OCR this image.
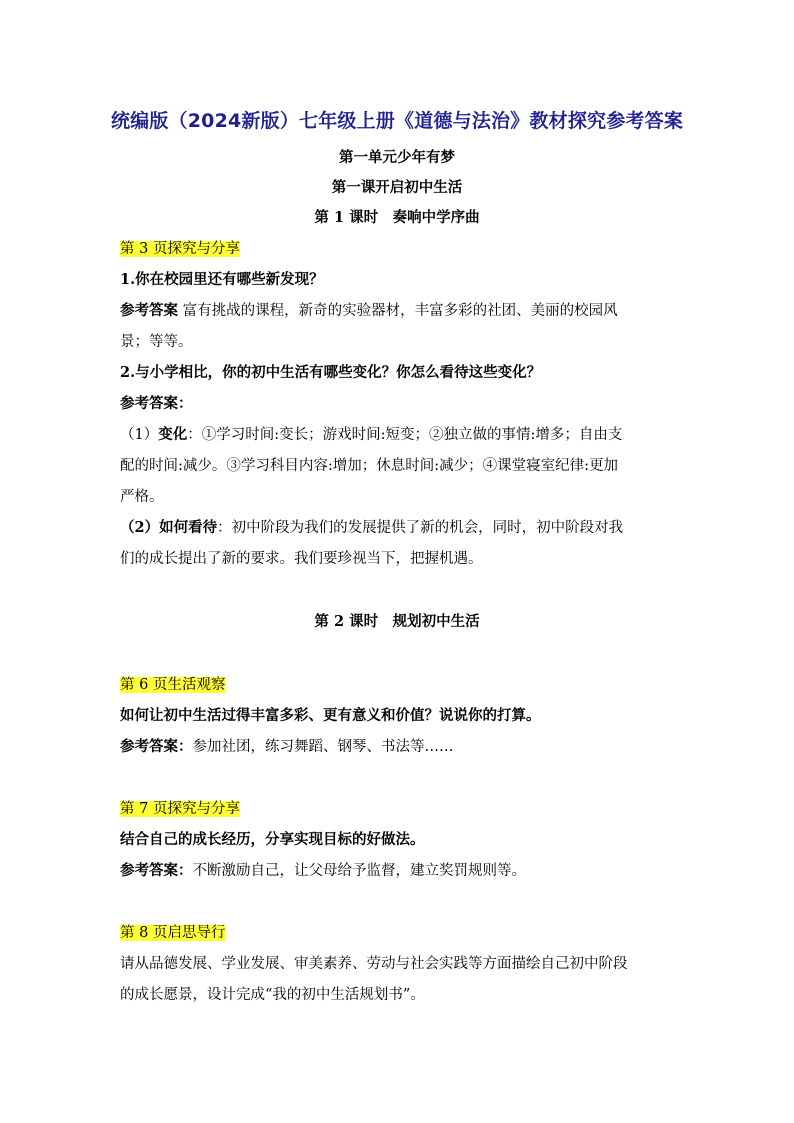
统编版（2024新版）七年级上册《道德与法治》教材探究参考答案
第一单元少年有梦
第一课开启初中生活
第 1 课时　奏响中学序曲
第 3 页探究与分享
1.你在校园里还有哪些新发现？
参考答案 富有挑战的课程，新奇的实验器材，丰富多彩的社团、美丽的校园风
景；等等。
2.与小学相比，你的初中生活有哪些变化？你怎么看待这些变化？
参考答案：
（1）变化：①学习时间:变长；游戏时间:短变；②独立做的事情:增多；自由支
配的时间:减少。③学习科目内容:增加；休息时间:减少；④课堂寝室纪律:更加
严格。
（2）如何看待：初中阶段为我们的发展提供了新的机会，同时，初中阶段对我
们的成长提出了新的要求。我们要珍视当下，把握机遇。
第 2 课时　规划初中生活
第 6 页生活观察
如何让初中生活过得丰富多彩、更有意义和价值？说说你的打算。
参考答案：参加社团，练习舞蹈、钢琴、书法等……
第 7 页探究与分享
结合自己的成长经历，分享实现目标的好做法。
参考答案：不断激励自己，让父母给予监督，建立奖罚规则等。
第 8 页启思导行
请从品德发展、学业发展、审美素养、劳动与社会实践等方面描绘自己初中阶段
的成长愿景，设计完成“我的初中生活规划书”。
